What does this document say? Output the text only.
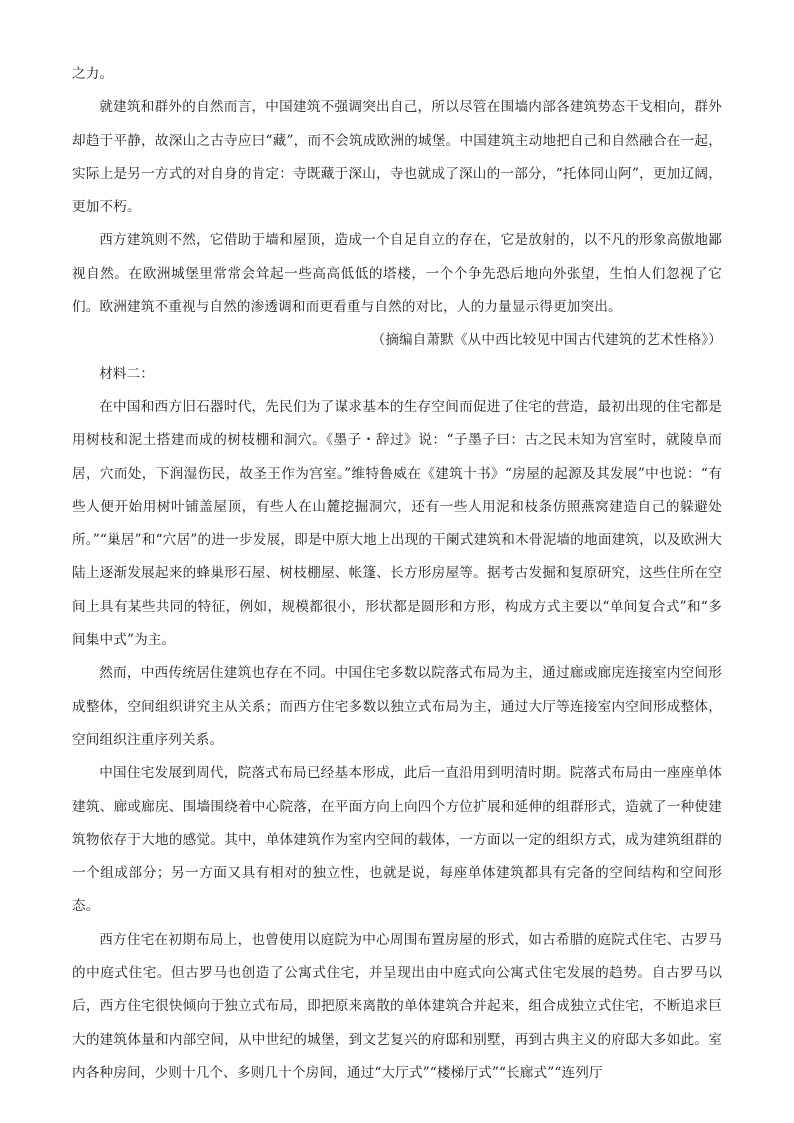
之力。

就建筑和群外的自然而言，中国建筑不强调突出自己，所以尽管在围墙内部各建筑势态干戈相向，群外却趋于平静，故深山之古寺应曰“藏”，而不会筑成欧洲的城堡。中国建筑主动地把自己和自然融合在一起，实际上是另一方式的对自身的肯定：寺既藏于深山，寺也就成了深山的一部分，“托体同山阿”，更加辽阔，更加不朽。

西方建筑则不然，它借助于墙和屋顶，造成一个自足自立的存在，它是放射的，以不凡的形象高傲地鄙视自然。在欧洲城堡里常常会耸起一些高高低低的塔楼，一个个争先恐后地向外张望，生怕人们忽视了它们。欧洲建筑不重视与自然的渗透调和而更看重与自然的对比，人的力量显示得更加突出。

（摘编自萧默《从中西比较见中国古代建筑的艺术性格》）

材料二：

在中国和西方旧石器时代，先民们为了谋求基本的生存空间而促进了住宅的营造，最初出现的住宅都是用树枝和泥土搭建而成的树枝棚和洞穴。《墨子・辞过》说：“子墨子曰：古之民未知为宫室时，就陵阜而居，穴而处，下润湿伤民，故圣王作为宫室。”维特鲁威在《建筑十书》“房屋的起源及其发展”中也说：“有些人便开始用树叶铺盖屋顶，有些人在山麓挖掘洞穴，还有一些人用泥和枝条仿照燕窝建造自己的躲避处所。”“巢居”和“穴居”的进一步发展，即是中原大地上出现的干阑式建筑和木骨泥墙的地面建筑，以及欧洲大陆上逐渐发展起来的蜂巢形石屋、树枝棚屋、帐篷、长方形房屋等。据考古发掘和复原研究，这些住所在空间上具有某些共同的特征，例如，规模都很小，形状都是圆形和方形，构成方式主要以“单间复合式”和“多间集中式”为主。

然而，中西传统居住建筑也存在不同。中国住宅多数以院落式布局为主，通过廊或廊庑连接室内空间形成整体，空间组织讲究主从关系；而西方住宅多数以独立式布局为主，通过大厅等连接室内空间形成整体，空间组织注重序列关系。

中国住宅发展到周代，院落式布局已经基本形成，此后一直沿用到明清时期。院落式布局由一座座单体建筑、廊或廊庑、围墙围绕着中心院落，在平面方向上向四个方位扩展和延伸的组群形式，造就了一种使建筑物依存于大地的感觉。其中，单体建筑作为室内空间的载体，一方面以一定的组织方式，成为建筑组群的一个组成部分；另一方面又具有相对的独立性，也就是说，每座单体建筑都具有完备的空间结构和空间形态。

西方住宅在初期布局上，也曾使用以庭院为中心周围布置房屋的形式，如古希腊的庭院式住宅、古罗马的中庭式住宅。但古罗马也创造了公寓式住宅，并呈现出由中庭式向公寓式住宅发展的趋势。自古罗马以后，西方住宅很快倾向于独立式布局，即把原来离散的单体建筑合并起来，组合成独立式住宅，不断追求巨大的建筑体量和内部空间，从中世纪的城堡，到文艺复兴的府邸和别墅，再到古典主义的府邸大多如此。室内各种房间，少则十几个、多则几十个房间，通过“大厅式”“楼梯厅式”“长廊式”“连列厅
